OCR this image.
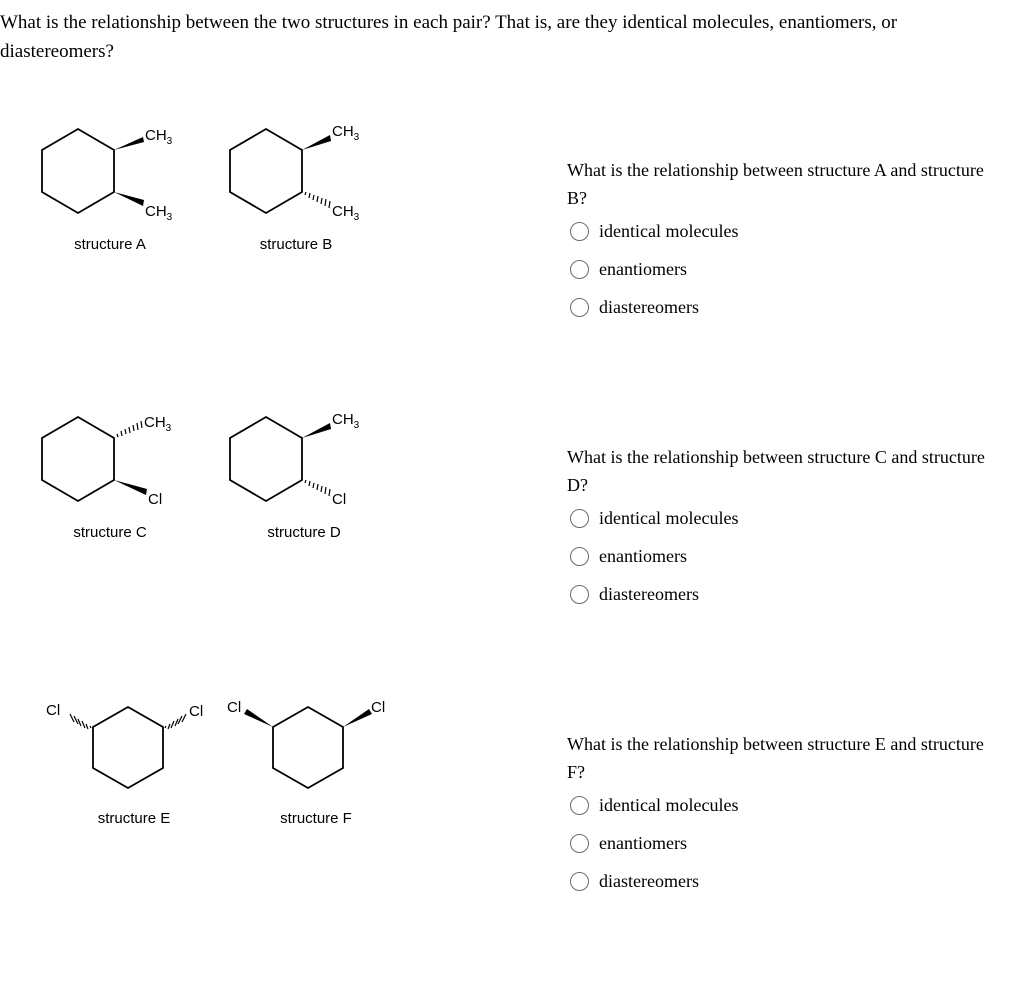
What is the relationship between the two structures in each pair? That is, are they identical molecules, enantiomers, or diastereomers?
$CH_3$
$CH_3$
structure A
$CH_3$
$CH_3$
structure B
$CH_3$
Cl
structure C
$CH_3$
Cl
structure D
Cl	Cl
structure E
Cl	Cl
structure F
What is the relationship between structure A and structure B?
identical molecules
enantiomers
diastereomers
What is the relationship between structure C and structure D?
identical molecules
enantiomers
diastereomers
What is the relationship between structure E and structure F?
identical molecules
enantiomers
diastereomers
